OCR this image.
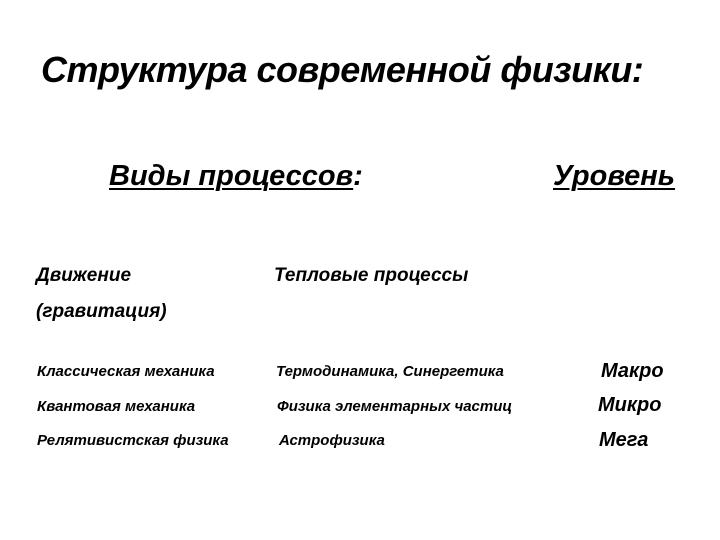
Структура современной физики:
Виды процессов:	Уровень
Движение
(гравитация)
Тепловые процессы
Классическая механика	Термодинамика, Синергетика	Макро
Квантовая механика	Физика элементарных частиц	Микро
Релятивистская физика	Астрофизика	Мега
